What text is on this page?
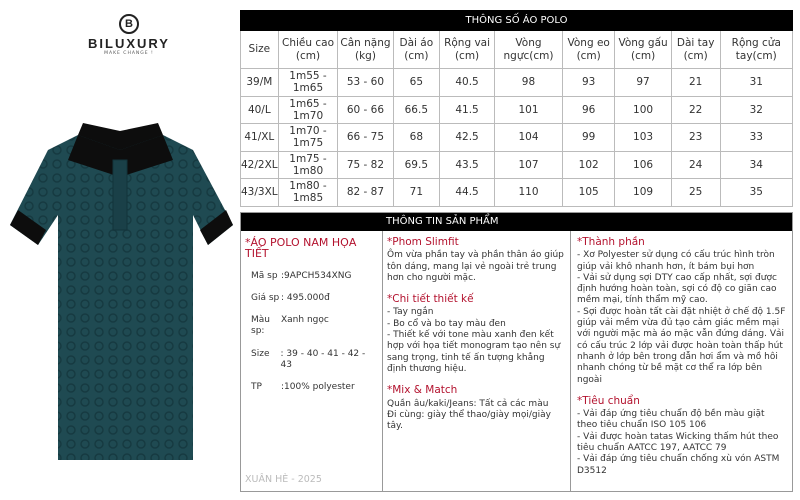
B
BILUXURY
MAKE CHANGE !
THÔNG SỐ ÁO POLO									
Size	Chiều cao (cm)	Cân nặng (kg)	Dài áo (cm)	Rộng vai (cm)	Vòng ngực(cm)	Vòng eo (cm)	Vòng gấu (cm)	Dài tay (cm)	Rộng cửa tay(cm)
39/M	1m55 - 1m65	53 - 60	65	40.5	98	93	97	21	31
40/L	1m65 - 1m70	60 - 66	66.5	41.5	101	96	100	22	32
41/XL	1m70 - 1m75	66 - 75	68	42.5	104	99	103	23	33
42/2XL	1m75 - 1m80	75 - 82	69.5	43.5	107	102	106	24	34
43/3XL	1m80 - 1m85	82 - 87	71	44.5	110	105	109	25	35
THÔNG TIN SẢN PHẨM
*ÁO POLO NAM HỌA TIẾT
Mã sp :9APCH534XNG
Giá sp : 495.000đ
Màu sp:
Xanh ngọc
Size	: 39 - 40 - 41 - 42 - 43
TP	:100% polyester
XUÂN HÈ - 2025
*Phom Slimfit
Ôm vừa phần tay và phần thân áo giúp tôn dáng, mang lại vẻ ngoài trẻ trung hơn cho người mặc.
*Chi tiết thiết kế
- Tay ngắn
- Bo cổ và bo tay màu đen
- Thiết kế với tone màu xanh đen kết hợp với họa tiết monogram tạo nên sự sang trọng, tinh tế ấn tượng khẳng định thương hiệu.
*Mix & Match
Quần âu/kaki/Jeans: Tất cả các màu
Đi cùng: giày thể thao/giày mọi/giày tây.
*Thành phần
- Xơ Polyester sử dụng có cấu trúc hình tròn giúp vải khô nhanh hơn, ít bám bụi hơn
- Vải sử dụng sợi DTY cao cấp nhất, sợi được định hướng hoàn toàn, sợi có độ co giãn cao mềm mại, tính thẩm mỹ cao.
- Sợi được hoàn tất cài đặt nhiệt ở chế độ 1.5F giúp vải mềm vừa đủ tạo cảm giác mềm mại với người mặc mà áo mặc vẫn đứng dáng. Vải có cấu trúc 2 lớp vải được hoàn toàn thấp hút nhanh ở lớp bên trong dẫn hơi ẩm và mồ hôi nhanh chóng từ bề mặt cơ thể ra lớp bên ngoài
*Tiêu chuẩn
- Vải đáp ứng tiêu chuẩn độ bền màu giặt theo tiêu chuẩn ISO 105 106
- Vải được hoàn tatas Wicking thấm hút theo tiêu chuẩn AATCC 197, AATCC 79
- Vải đáp ứng tiêu chuẩn chống xù vón ASTM D3512
